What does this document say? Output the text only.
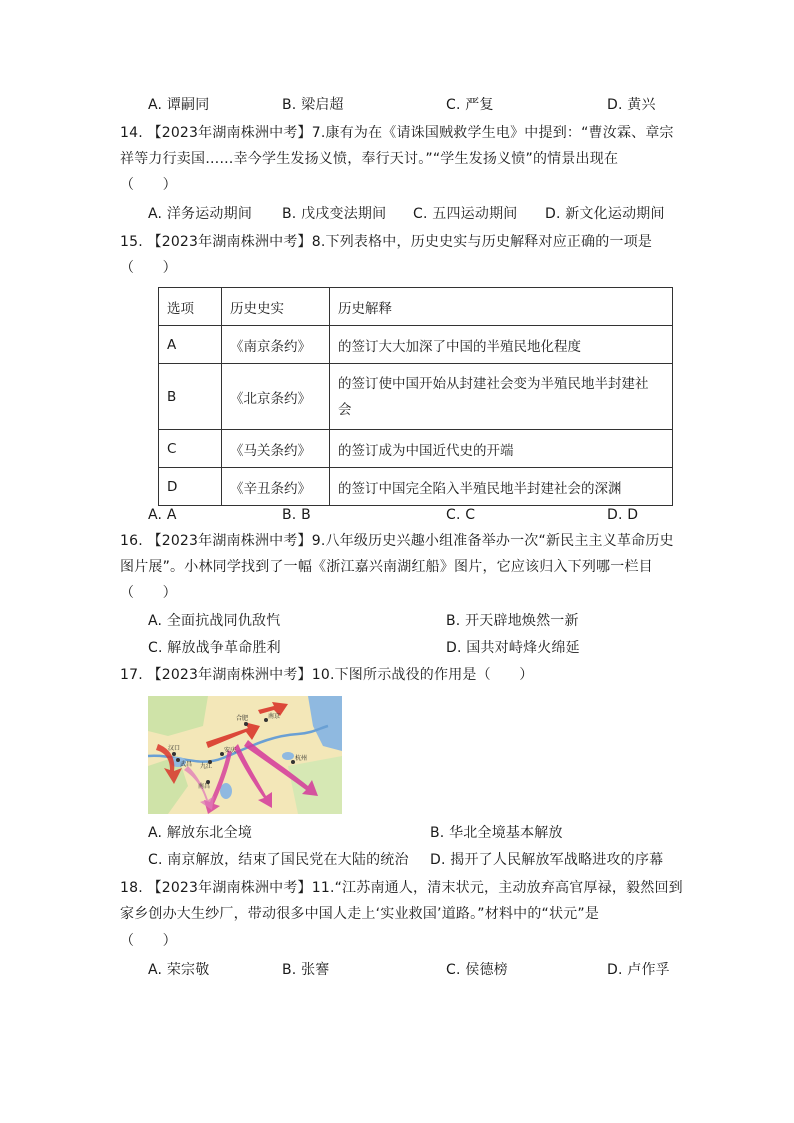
A. 谭嗣同	B. 梁启超	C. 严复	D. 黄兴
14. 【2023年湖南株洲中考】7.康有为在《请诛国贼救学生电》中提到：“曹汝霖、章宗
祥等力行卖国……幸今学生发扬义愤，奉行天讨。”“学生发扬义愤”的情景出现在
（　　）
A. 洋务运动期间 B. 戊戌变法期间 C. 五四运动期间 D. 新文化运动期间
15. 【2023年湖南株洲中考】8.下列表格中，历史史实与历史解释对应正确的一项是
（　　）
选项	历史史实	历史解释
A	《南京条约》	的签订大大加深了中国的半殖民地化程度
B	《北京条约》	的签订使中国开始从封建社会变为半殖民地半封建社
会

C	《马关条约》	的签订成为中国近代史的开端
D	《辛丑条约》	的签订中国完全陷入半殖民地半封建社会的深渊
A. A	B. B	C. C	D. D
16. 【2023年湖南株洲中考】9.八年级历史兴趣小组准备举办一次“新民主主义革命历史
图片展”。小林同学找到了一幅《浙江嘉兴南湖红船》图片，它应该归入下列哪一栏目
（　　）
A. 全面抗战同仇敌忾	B. 开天辟地焕然一新
C. 解放战争革命胜利	D. 国共对峙烽火绵延
17. 【2023年湖南株洲中考】10.下图所示战役的作用是（　　）
合肥	南京
安庆
杭州
九江
南昌
汉口
武昌
A. 解放东北全境	B. 华北全境基本解放
C. 南京解放，结束了国民党在大陆的统治 D. 揭开了人民解放军战略进攻的序幕
18. 【2023年湖南株洲中考】11.“江苏南通人，清末状元，主动放弃高官厚禄，毅然回到
家乡创办大生纱厂，带动很多中国人走上‘实业救国’道路。”材料中的“状元”是
（　　）
A. 荣宗敬	B. 张謇	C. 侯德榜	D. 卢作孚
